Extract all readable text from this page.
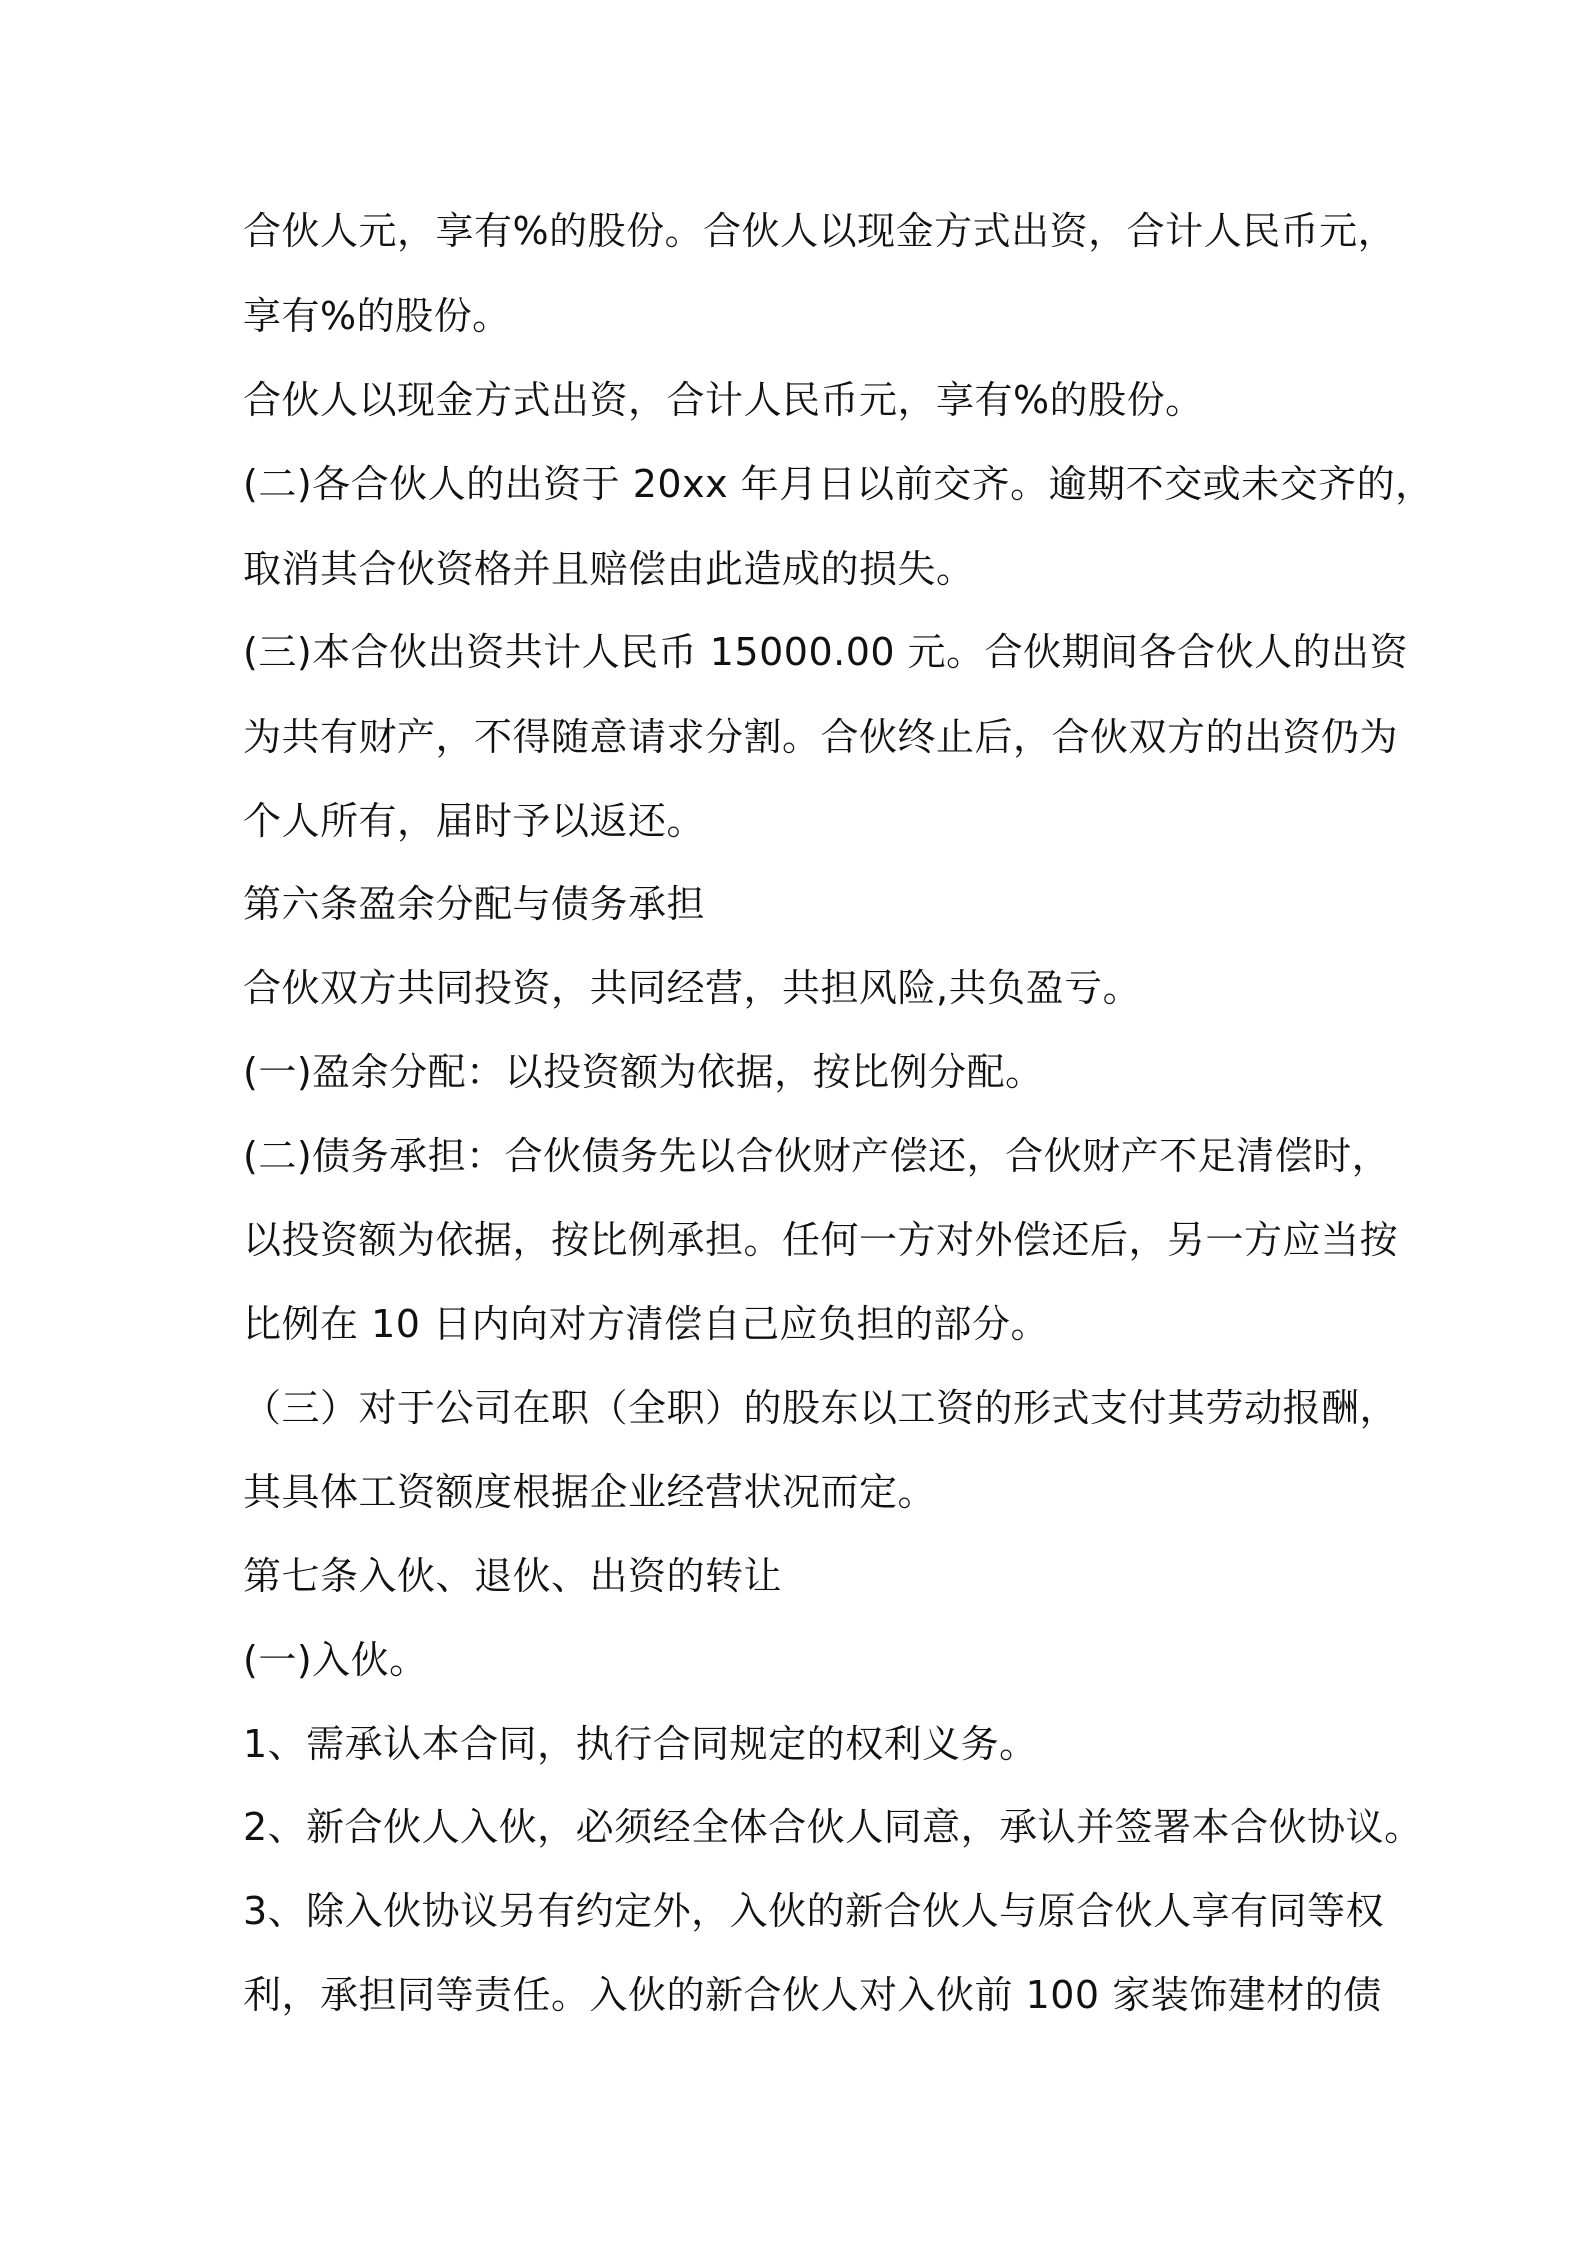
合伙人元，享有%的股份。合伙人以现金方式出资，合计人民币元，

享有%的股份。

合伙人以现金方式出资，合计人民币元，享有%的股份。

(二)各合伙人的出资于 20xx 年月日以前交齐。逾期不交或未交齐的，

取消其合伙资格并且赔偿由此造成的损失。

(三)本合伙出资共计人民币 15000.00 元。合伙期间各合伙人的出资

为共有财产，不得随意请求分割。合伙终止后，合伙双方的出资仍为

个人所有，届时予以返还。

第六条盈余分配与债务承担

合伙双方共同投资，共同经营，共担风险,共负盈亏。

(一)盈余分配：以投资额为依据，按比例分配。

(二)债务承担：合伙债务先以合伙财产偿还，合伙财产不足清偿时，

以投资额为依据，按比例承担。任何一方对外偿还后，另一方应当按

比例在 10 日内向对方清偿自己应负担的部分。

（三）对于公司在职（全职）的股东以工资的形式支付其劳动报酬，

其具体工资额度根据企业经营状况而定。

第七条入伙、退伙、出资的转让

(一)入伙。

1、需承认本合同，执行合同规定的权利义务。

2、新合伙人入伙，必须经全体合伙人同意，承认并签署本合伙协议。

3、除入伙协议另有约定外，入伙的新合伙人与原合伙人享有同等权

利，承担同等责任。入伙的新合伙人对入伙前 100 家装饰建材的债
